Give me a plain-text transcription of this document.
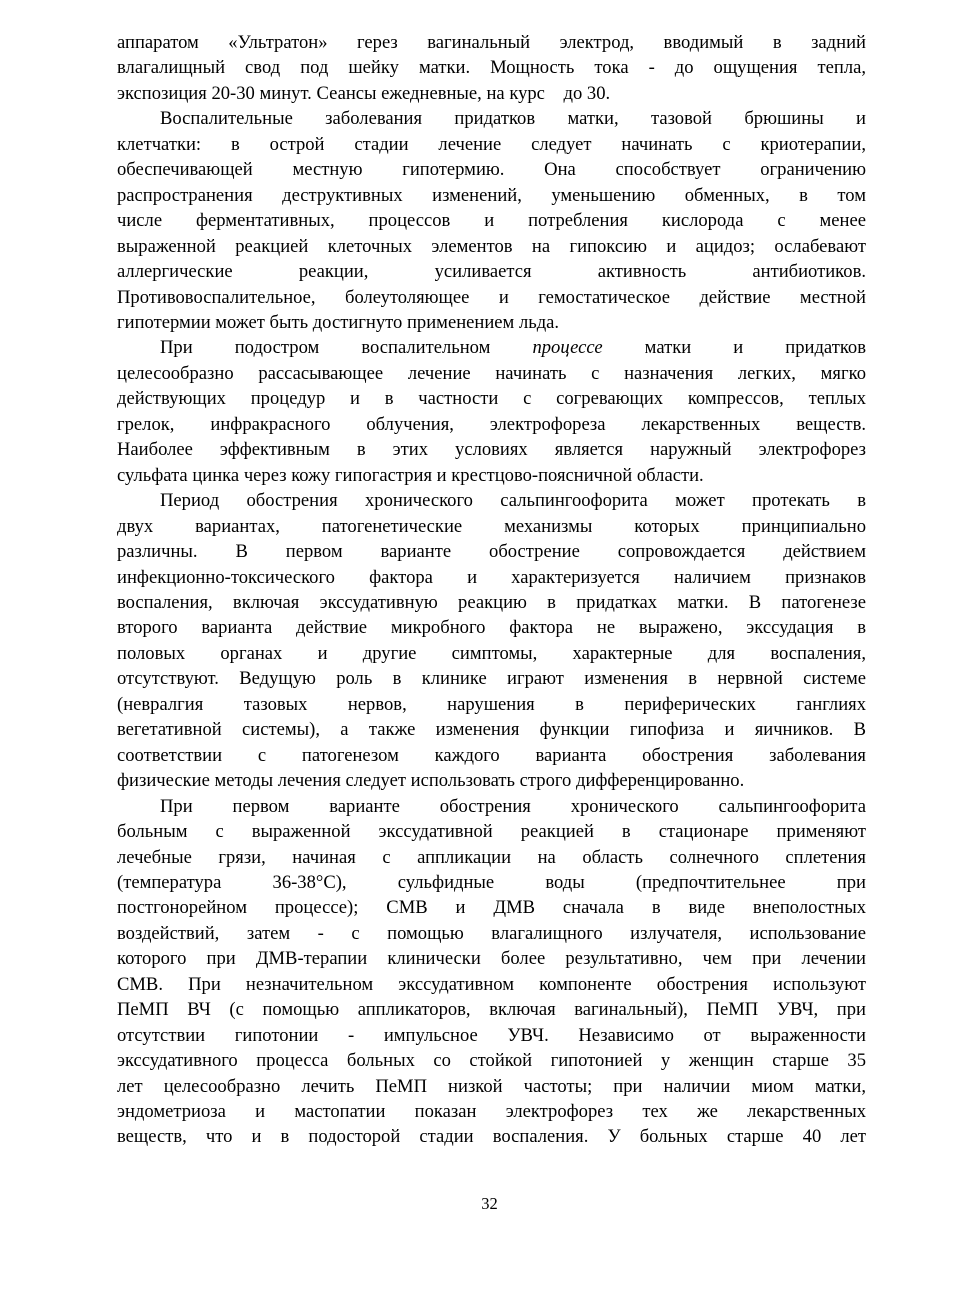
аппаратом «Ультратон» герез вагинальный электрод, вводимый в задний
влагалищный свод под шейку матки. Мощность тока - до ощущения тепла,
экспозиция 20-30 минут. Сеансы ежедневные, на курс    до 30.

Воспалительные заболевания придатков матки, тазовой брюшины и
клетчатки: в острой стадии лечение следует начинать с криотерапии,
обеспечивающей местную гипотермию. Она способствует ограничению
распространения деструктивных изменений, уменьшению обменных, в том
числе ферментативных, процессов и потребления кислорода с менее
выраженной реакцией клеточных элементов на гипоксию и ацидоз; ослабевают
аллергические реакции, усиливается активность антибиотиков.
Противовоспалительное, болеутоляющее и гемостатическое действие местной
гипотермии может быть достигнуто применением льда.

При подостром воспалительном процессе матки и придатков
целесообразно рассасывающее лечение начинать с назначения легких, мягко
действующих процедур и в частности с согревающих компрессов, теплых
грелок, инфракрасного облучения, электрофореза лекарственных веществ.
Наиболее эффективным в этих условиях является наружный электрофорез
сульфата цинка через кожу гипогастрия и крестцово-поясничной области.

Период обострения хронического сальпингоофорита может протекать в
двух вариантах, патогенетические механизмы которых принципиально
различны. В первом варианте обострение сопровождается действием
инфекционно-токсического фактора и характеризуется наличием признаков
воспаления, включая экссудативную реакцию в придатках матки. В патогенезе
второго варианта действие микробного фактора не выражено, экссудация в
половых органах и другие симптомы, характерные для воспаления,
отсутствуют. Ведущую роль в клинике играют изменения в нервной системе
(невралгия тазовых нервов, нарушения в периферических ганглиях
вегетативной системы), а также изменения функции гипофиза и яичников. В
соответствии с патогенезом каждого варианта обострения заболевания
физические методы лечения следует использовать строго дифференцированно.

При первом варианте обострения хронического сальпингоофорита
больным с выраженной экссудативной реакцией в стационаре применяют
лечебные грязи, начиная с аппликации на область солнечного сплетения
(температура 36-38°С), сульфидные воды (предпочтительнее при
постгонорейном процессе); СМВ и ДМВ сначала в виде внеполостных
воздействий, затем - с помощью влагалищного излучателя, использование
которого при ДМВ-терапии клинически более результативно, чем при лечении
СМВ. При незначительном экссудативном компоненте обострения используют
ПеМП ВЧ (с помощью аппликаторов, включая вагинальный), ПеМП УВЧ, при
отсутствии гипотонии - импульсное УВЧ. Независимо от выраженности
экссудативного процесса больных со стойкой гипотонией у женщин старше 35
лет целесообразно лечить ПеМП низкой частоты; при наличии миом матки,
эндометриоза и мастопатии показан электрофорез тех же лекарственных
веществ, что и в подосторой стадии воспаления. У больных старше 40 лет

32
